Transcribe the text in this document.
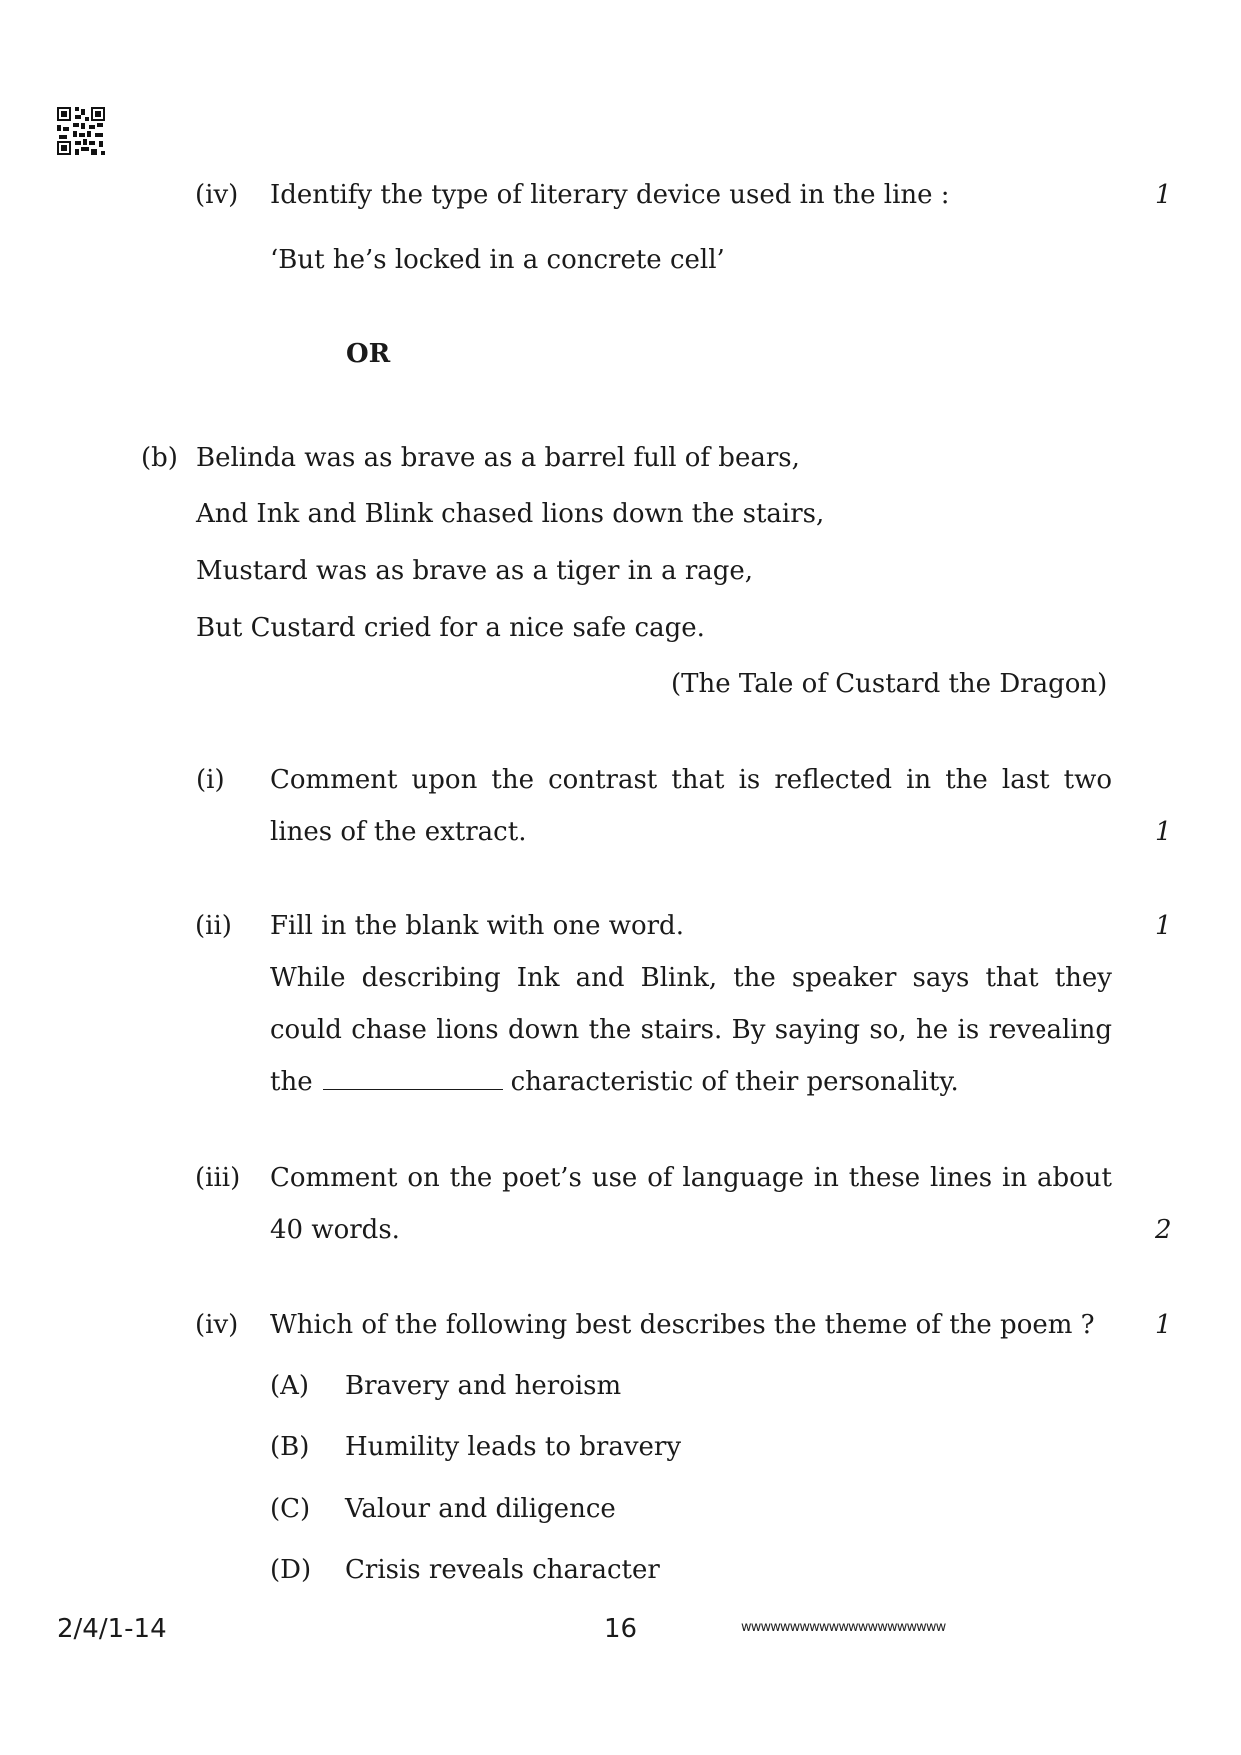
(iv) Identify the type of literary device used in the line :	1
‘But he’s locked in a concrete cell’
OR
(b) Belinda was as brave as a barrel full of bears,
And Ink and Blink chased lions down the stairs,
Mustard was as brave as a tiger in a rage,
But Custard cried for a nice safe cage.
(The Tale of Custard the Dragon)
(i) Comment upon the contrast that is reflected in the last two
lines of the extract.	1
(ii) Fill in the blank with one word.	1
While describing Ink and Blink, the speaker says that they
could chase lions down the stairs. By saying so, he is revealing
the	characteristic of their personality.
(iii) Comment on the poet’s use of language in these lines in about
40 words.	2
(iv) Which of the following best describes the theme of the poem ? 1
(A) Bravery and heroism
(B) Humility leads to bravery
(C) Valour and diligence
(D) Crisis reveals character
2/4/1-14	16	wwwwwwwwwwwwwwwwwwwww
